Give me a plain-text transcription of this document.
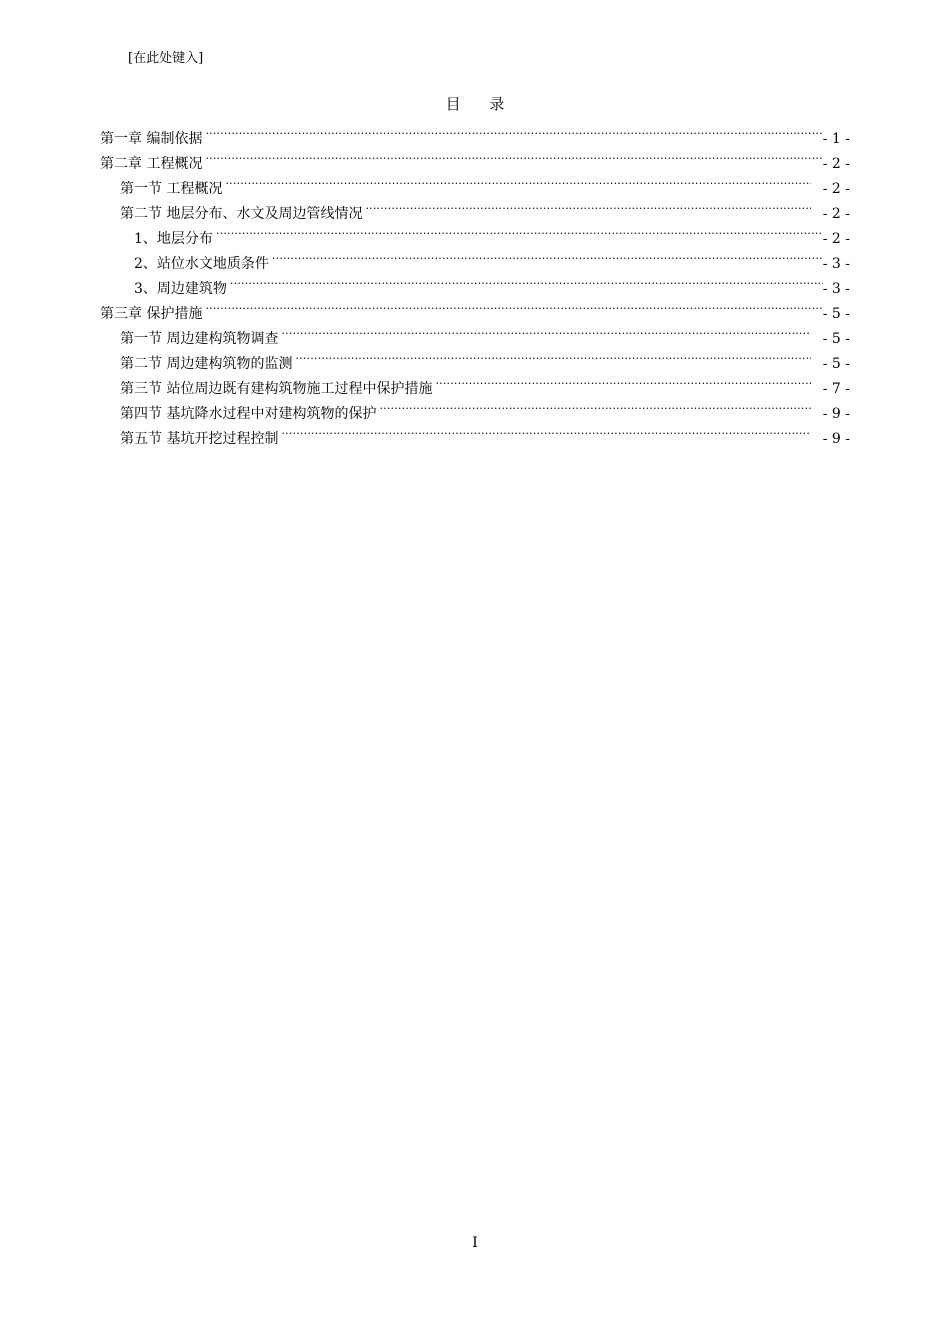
[在此处键入]
目 录
第一章 编制依据 .....	- 1 -
第二章 工程概况 .....	- 2 -
第一节 工程概况 .....	- 2 -
第二节 地层分布、水文及周边管线情况 .....	- 2 -
1、地层分布 .....	- 2 -
2、站位水文地质条件 .....	- 3 -
3、周边建筑物 .....	- 3 -
第三章 保护措施 .....	- 5 -
第一节 周边建构筑物调查 .....	- 5 -
第二节 周边建构筑物的监测 .....	- 5 -
第三节 站位周边既有建构筑物施工过程中保护措施 .....	- 7 -
第四节 基坑降水过程中对建构筑物的保护 .....	- 9 -
第五节 基坑开挖过程控制 .....	- 9 -
I
